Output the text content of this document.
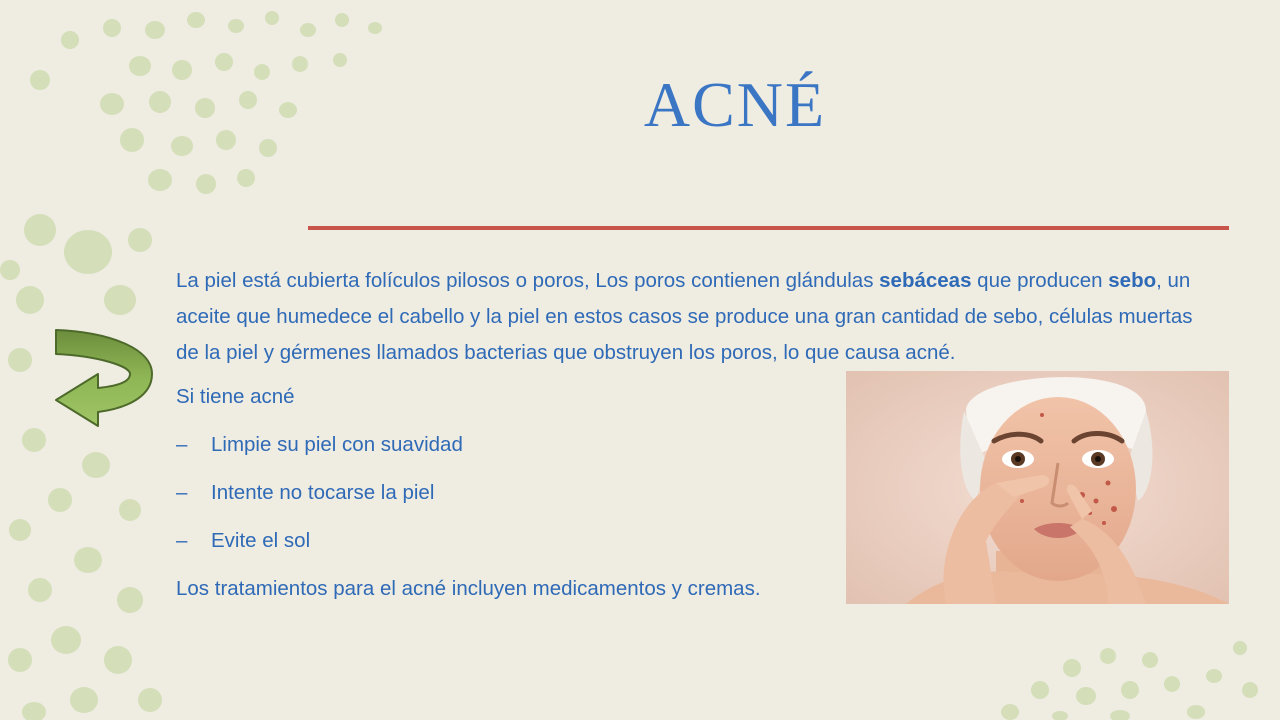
ACNÉ

La piel está cubierta folículos pilosos o poros, Los poros contienen glándulas sebáceas que producen sebo, un aceite que humedece el cabello y la piel en estos casos se produce una gran cantidad de sebo, células muertas de la piel y gérmenes llamados bacterias que obstruyen los poros, lo que causa acné.

Si tiene acné

–	Limpie su piel con suavidad

–	Intente no tocarse la piel

–	Evite el sol

Los tratamientos para el acné incluyen medicamentos y cremas.
